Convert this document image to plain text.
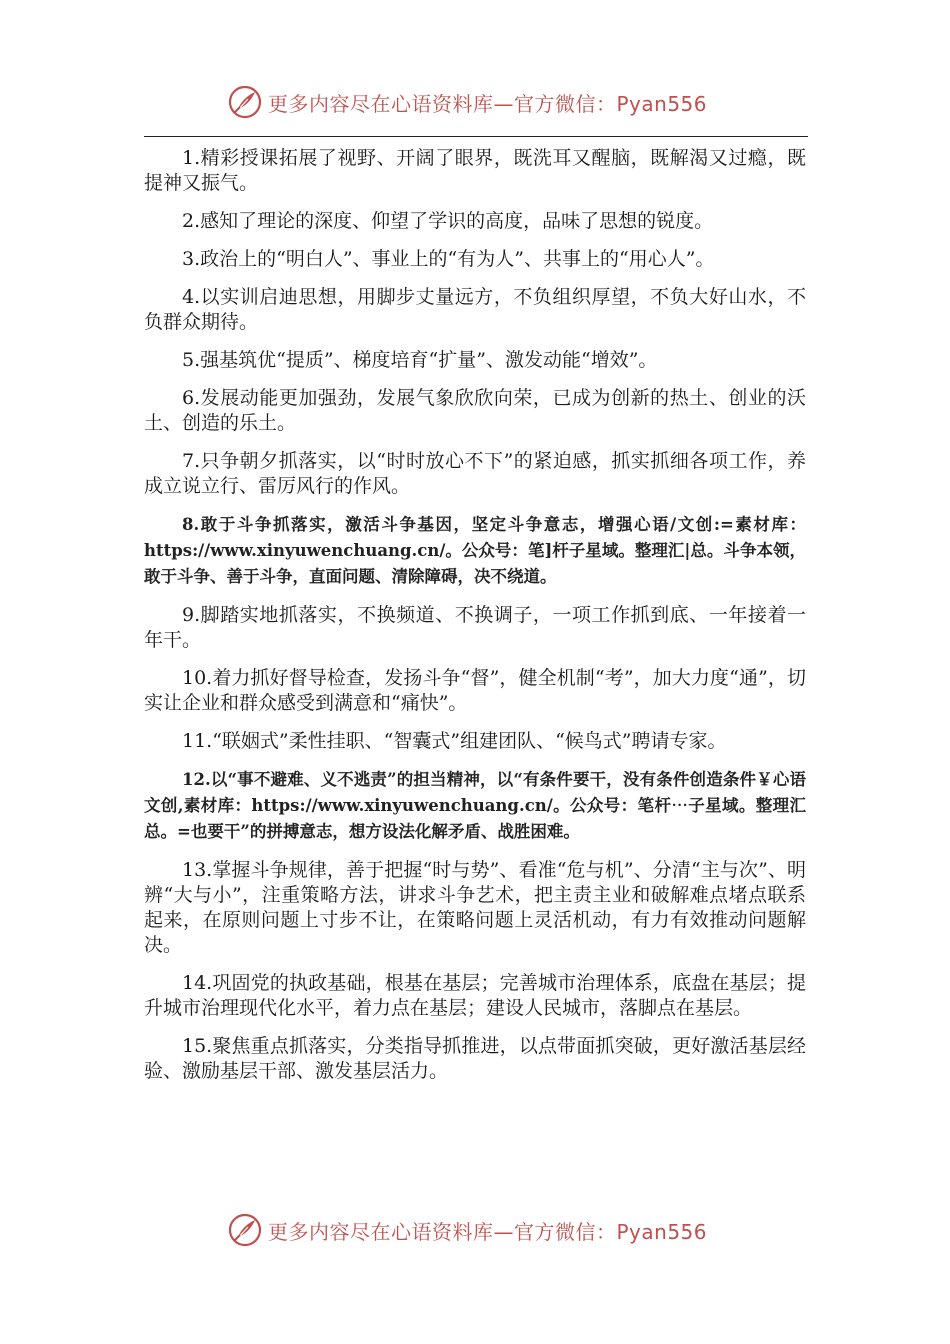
更多内容尽在心语资料库—官方微信：Pyan556

1.精彩授课拓展了视野、开阔了眼界，既洗耳又醒脑，既解渴又过瘾，既提神又振气。

2.感知了理论的深度、仰望了学识的高度，品味了思想的锐度。

3.政治上的“明白人”、事业上的“有为人”、共事上的“用心人”。

4.以实训启迪思想，用脚步丈量远方，不负组织厚望，不负大好山水，不负群众期待。

5.强基筑优“提质”、梯度培育“扩量”、激发动能“增效”。

6.发展动能更加强劲，发展气象欣欣向荣，已成为创新的热土、创业的沃土、创造的乐土。

7.只争朝夕抓落实，以“时时放心不下”的紧迫感，抓实抓细各项工作，养成立说立行、雷厉风行的作风。

8.敢于斗争抓落实，激活斗争基因，坚定斗争意志，增强心语/文创:=素材库：https://www.xinyuwenchuang.cn/。公众号：笔]杆子星域。整理汇|总。斗争本领，敢于斗争、善于斗争，直面问题、清除障碍，决不绕道。

9.脚踏实地抓落实，不换频道、不换调子，一项工作抓到底、一年接着一年干。

10.着力抓好督导检查，发扬斗争“督”，健全机制“考”，加大力度“通”，切实让企业和群众感受到满意和“痛快”。

11.“联姻式”柔性挂职、“智囊式”组建团队、“候鸟式”聘请专家。

12.以“事不避难、义不逃责”的担当精神，以“有条件要干，没有条件创造条件￥心语文创,素材库：https://www.xinyuwenchuang.cn/。公众号：笔杆⋯子星域。整理汇总。=也要干”的拼搏意志，想方设法化解矛盾、战胜困难。

13.掌握斗争规律，善于把握“时与势”、看准“危与机”、分清“主与次”、明辨“大与小”，注重策略方法，讲求斗争艺术，把主责主业和破解难点堵点联系起来，在原则问题上寸步不让，在策略问题上灵活机动，有力有效推动问题解决。

14.巩固党的执政基础，根基在基层；完善城市治理体系，底盘在基层；提升城市治理现代化水平，着力点在基层；建设人民城市，落脚点在基层。

15.聚焦重点抓落实，分类指导抓推进，以点带面抓突破，更好激活基层经验、激励基层干部、激发基层活力。

更多内容尽在心语资料库—官方微信：Pyan556
